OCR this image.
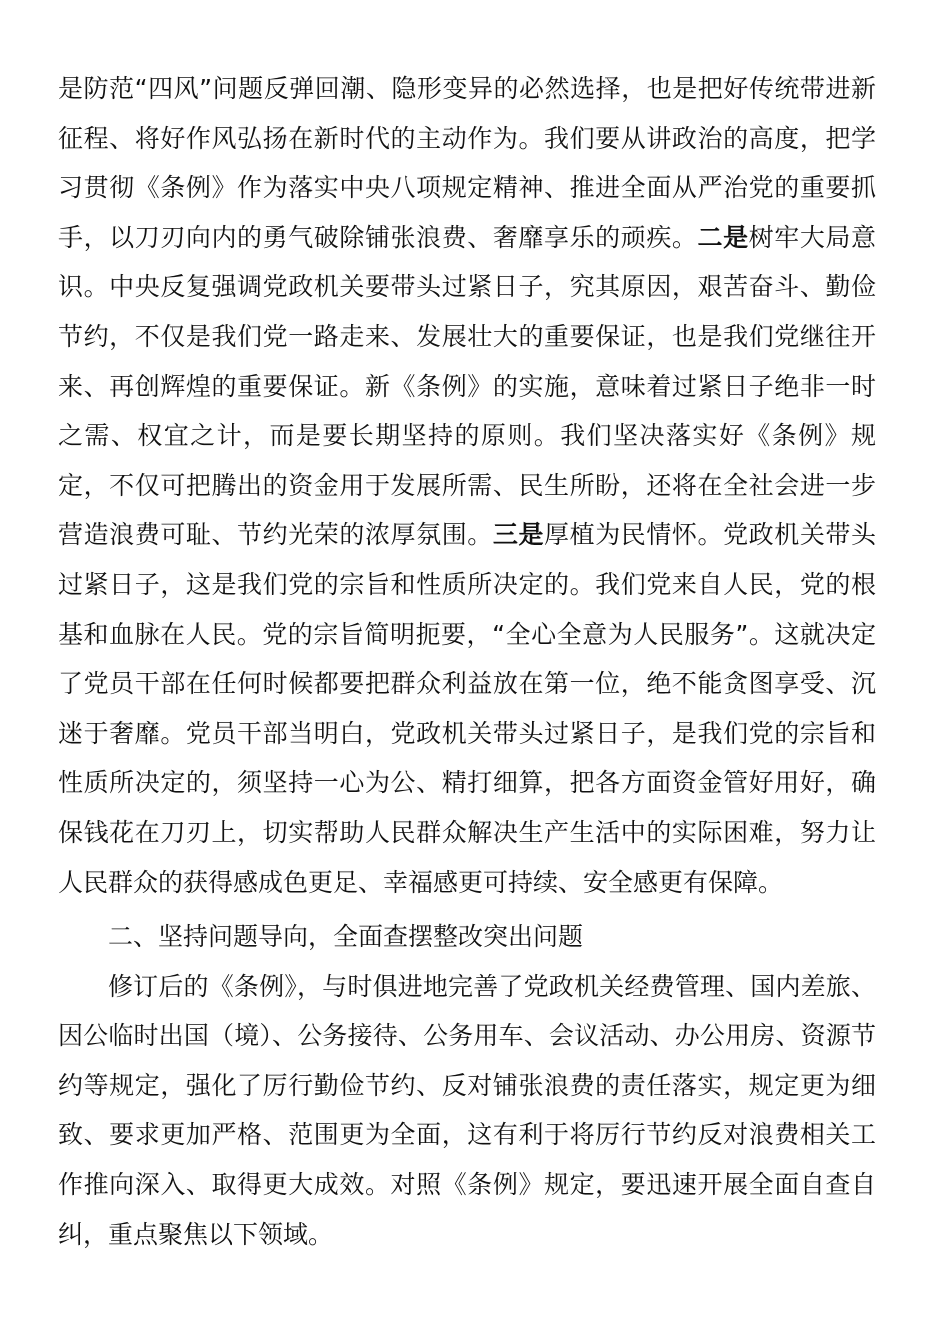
是防范“四风”问题反弹回潮、隐形变异的必然选择，也是把好传统带进新征程、将好作风弘扬在新时代的主动作为。我们要从讲政治的高度，把学习贯彻《条例》作为落实中央八项规定精神、推进全面从严治党的重要抓手，以刀刃向内的勇气破除铺张浪费、奢靡享乐的顽疾。二是树牢大局意识。中央反复强调党政机关要带头过紧日子，究其原因，艰苦奋斗、勤俭节约，不仅是我们党一路走来、发展壮大的重要保证，也是我们党继往开来、再创辉煌的重要保证。新《条例》的实施，意味着过紧日子绝非一时之需、权宜之计，而是要长期坚持的原则。我们坚决落实好《条例》规定，不仅可把腾出的资金用于发展所需、民生所盼，还将在全社会进一步营造浪费可耻、节约光荣的浓厚氛围。三是厚植为民情怀。党政机关带头过紧日子，这是我们党的宗旨和性质所决定的。我们党来自人民，党的根基和血脉在人民。党的宗旨简明扼要，“全心全意为人民服务”。这就决定了党员干部在任何时候都要把群众利益放在第一位，绝不能贪图享受、沉迷于奢靡。党员干部当明白，党政机关带头过紧日子，是我们党的宗旨和性质所决定的，须坚持一心为公、精打细算，把各方面资金管好用好，确保钱花在刀刃上，切实帮助人民群众解决生产生活中的实际困难，努力让人民群众的获得感成色更足、幸福感更可持续、安全感更有保障。

二、坚持问题导向，全面查摆整改突出问题

修订后的《条例》，与时俱进地完善了党政机关经费管理、国内差旅、因公临时出国（境）、公务接待、公务用车、会议活动、办公用房、资源节约等规定，强化了厉行勤俭节约、反对铺张浪费的责任落实，规定更为细致、要求更加严格、范围更为全面，这有利于将厉行节约反对浪费相关工作推向深入、取得更大成效。对照《条例》规定，要迅速开展全面自查自纠，重点聚焦以下领域。
